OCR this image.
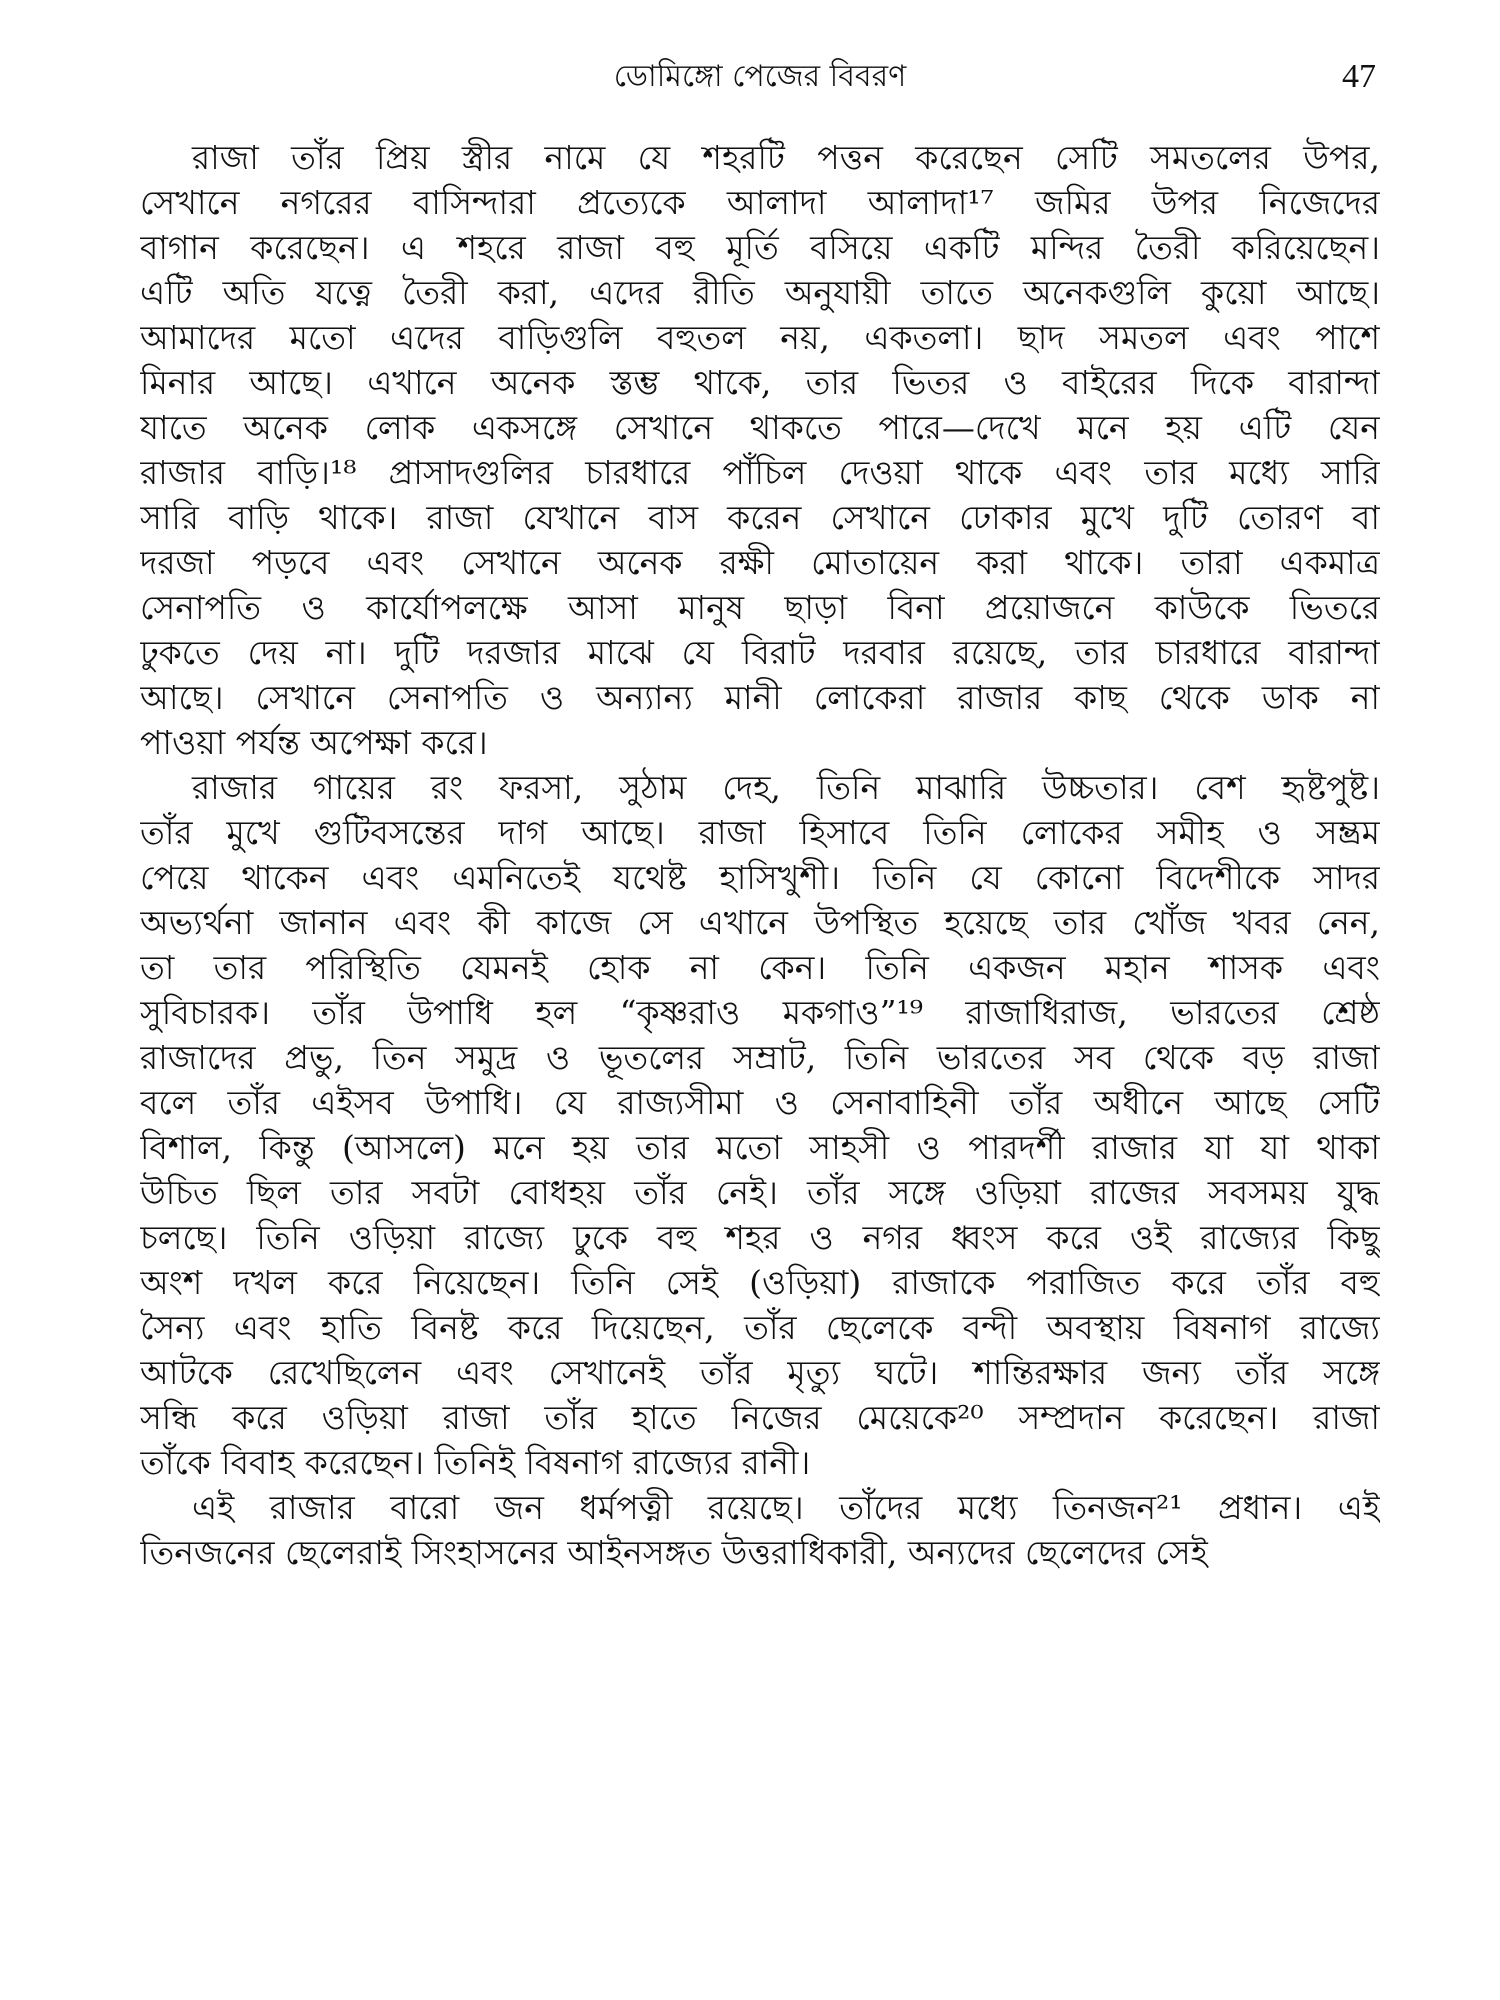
ডোমিঙ্গো পেজের বিবরণ	47
রাজা তাঁর প্রিয় স্ত্রীর নামে যে শহরটি পত্তন করেছেন সেটি সমতলের উপর,
সেখানে নগরের বাসিন্দারা প্রত্যেকে আলাদা আলাদা¹⁷ জমির উপর নিজেদের
বাগান করেছেন। এ শহরে রাজা বহু মূর্তি বসিয়ে একটি মন্দির তৈরী করিয়েছেন।
এটি অতি যত্নে তৈরী করা, এদের রীতি অনুযায়ী তাতে অনেকগুলি কুয়ো আছে।
আমাদের মতো এদের বাড়িগুলি বহুতল নয়, একতলা। ছাদ সমতল এবং পাশে
মিনার আছে। এখানে অনেক স্তম্ভ থাকে, তার ভিতর ও বাইরের দিকে বারান্দা
যাতে অনেক লোক একসঙ্গে সেখানে থাকতে পারে—দেখে মনে হয় এটি যেন
রাজার বাড়ি।¹⁸ প্রাসাদগুলির চারধারে পাঁচিল দেওয়া থাকে এবং তার মধ্যে সারি
সারি বাড়ি থাকে। রাজা যেখানে বাস করেন সেখানে ঢোকার মুখে দুটি তোরণ বা
দরজা পড়বে এবং সেখানে অনেক রক্ষী মোতায়েন করা থাকে। তারা একমাত্র
সেনাপতি ও কার্যোপলক্ষে আসা মানুষ ছাড়া বিনা প্রয়োজনে কাউকে ভিতরে
ঢুকতে দেয় না। দুটি দরজার মাঝে যে বিরাট দরবার রয়েছে, তার চারধারে বারান্দা
আছে। সেখানে সেনাপতি ও অন্যান্য মানী লোকেরা রাজার কাছ থেকে ডাক না
পাওয়া পর্যন্ত অপেক্ষা করে।
রাজার গায়ের রং ফরসা, সুঠাম দেহ, তিনি মাঝারি উচ্চতার। বেশ হৃষ্টপুষ্ট।
তাঁর মুখে গুটিবসন্তের দাগ আছে। রাজা হিসাবে তিনি লোকের সমীহ ও সম্ভ্রম
পেয়ে থাকেন এবং এমনিতেই যথেষ্ট হাসিখুশী। তিনি যে কোনো বিদেশীকে সাদর
অভ্যর্থনা জানান এবং কী কাজে সে এখানে উপস্থিত হয়েছে তার খোঁজ খবর নেন,
তা তার পরিস্থিতি যেমনই হোক না কেন। তিনি একজন মহান শাসক এবং
সুবিচারক। তাঁর উপাধি হল “কৃষ্ণরাও মকগাও”¹⁹ রাজাধিরাজ, ভারতের শ্রেষ্ঠ
রাজাদের প্রভু, তিন সমুদ্র ও ভূতলের সম্রাট, তিনি ভারতের সব থেকে বড় রাজা
বলে তাঁর এইসব উপাধি। যে রাজ্যসীমা ও সেনাবাহিনী তাঁর অধীনে আছে সেটি
বিশাল, কিন্তু (আসলে) মনে হয় তার মতো সাহসী ও পারদর্শী রাজার যা যা থাকা
উচিত ছিল তার সবটা বোধহয় তাঁর নেই। তাঁর সঙ্গে ওড়িয়া রাজের সবসময় যুদ্ধ
চলছে। তিনি ওড়িয়া রাজ্যে ঢুকে বহু শহর ও নগর ধ্বংস করে ওই রাজ্যের কিছু
অংশ দখল করে নিয়েছেন। তিনি সেই (ওড়িয়া) রাজাকে পরাজিত করে তাঁর বহু
সৈন্য এবং হাতি বিনষ্ট করে দিয়েছেন, তাঁর ছেলেকে বন্দী অবস্থায় বিষনাগ রাজ্যে
আটকে রেখেছিলেন এবং সেখানেই তাঁর মৃত্যু ঘটে। শান্তিরক্ষার জন্য তাঁর সঙ্গে
সন্ধি করে ওড়িয়া রাজা তাঁর হাতে নিজের মেয়েকে²⁰ সম্প্রদান করেছেন। রাজা
তাঁকে বিবাহ করেছেন। তিনিই বিষনাগ রাজ্যের রানী।
এই রাজার বারো জন ধর্মপত্নী রয়েছে। তাঁদের মধ্যে তিনজন²¹ প্রধান। এই
তিনজনের ছেলেরাই সিংহাসনের আইনসঙ্গত উত্তরাধিকারী, অন্যদের ছেলেদের সেই
